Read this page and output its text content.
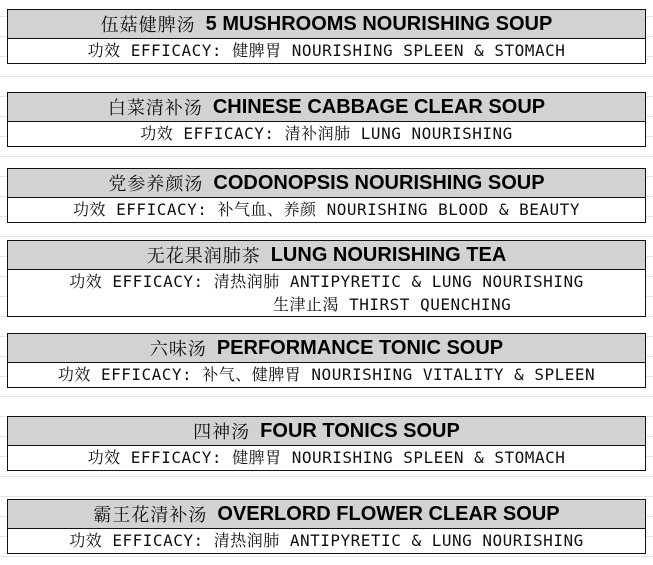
伍菇健脾汤 5 MUSHROOMS NOURISHING SOUP
功效 EFFICACY: 健脾胃 NOURISHING SPLEEN & STOMACH
白菜清补汤 CHINESE CABBAGE CLEAR SOUP
功效 EFFICACY: 清补润肺 LUNG NOURISHING
党参养颜汤 CODONOPSIS NOURISHING SOUP
功效 EFFICACY: 补气血、养颜 NOURISHING BLOOD & BEAUTY
无花果润肺茶 LUNG NOURISHING TEA
功效 EFFICACY: 清热润肺 ANTIPYRETIC & LUNG NOURISHING
生津止渴 THIRST QUENCHING
六味汤 PERFORMANCE TONIC SOUP
功效 EFFICACY: 补气、健脾胃 NOURISHING VITALITY & SPLEEN
四神汤 FOUR TONICS SOUP
功效 EFFICACY: 健脾胃 NOURISHING SPLEEN & STOMACH
霸王花清补汤 OVERLORD FLOWER CLEAR SOUP
功效 EFFICACY: 清热润肺 ANTIPYRETIC & LUNG NOURISHING
